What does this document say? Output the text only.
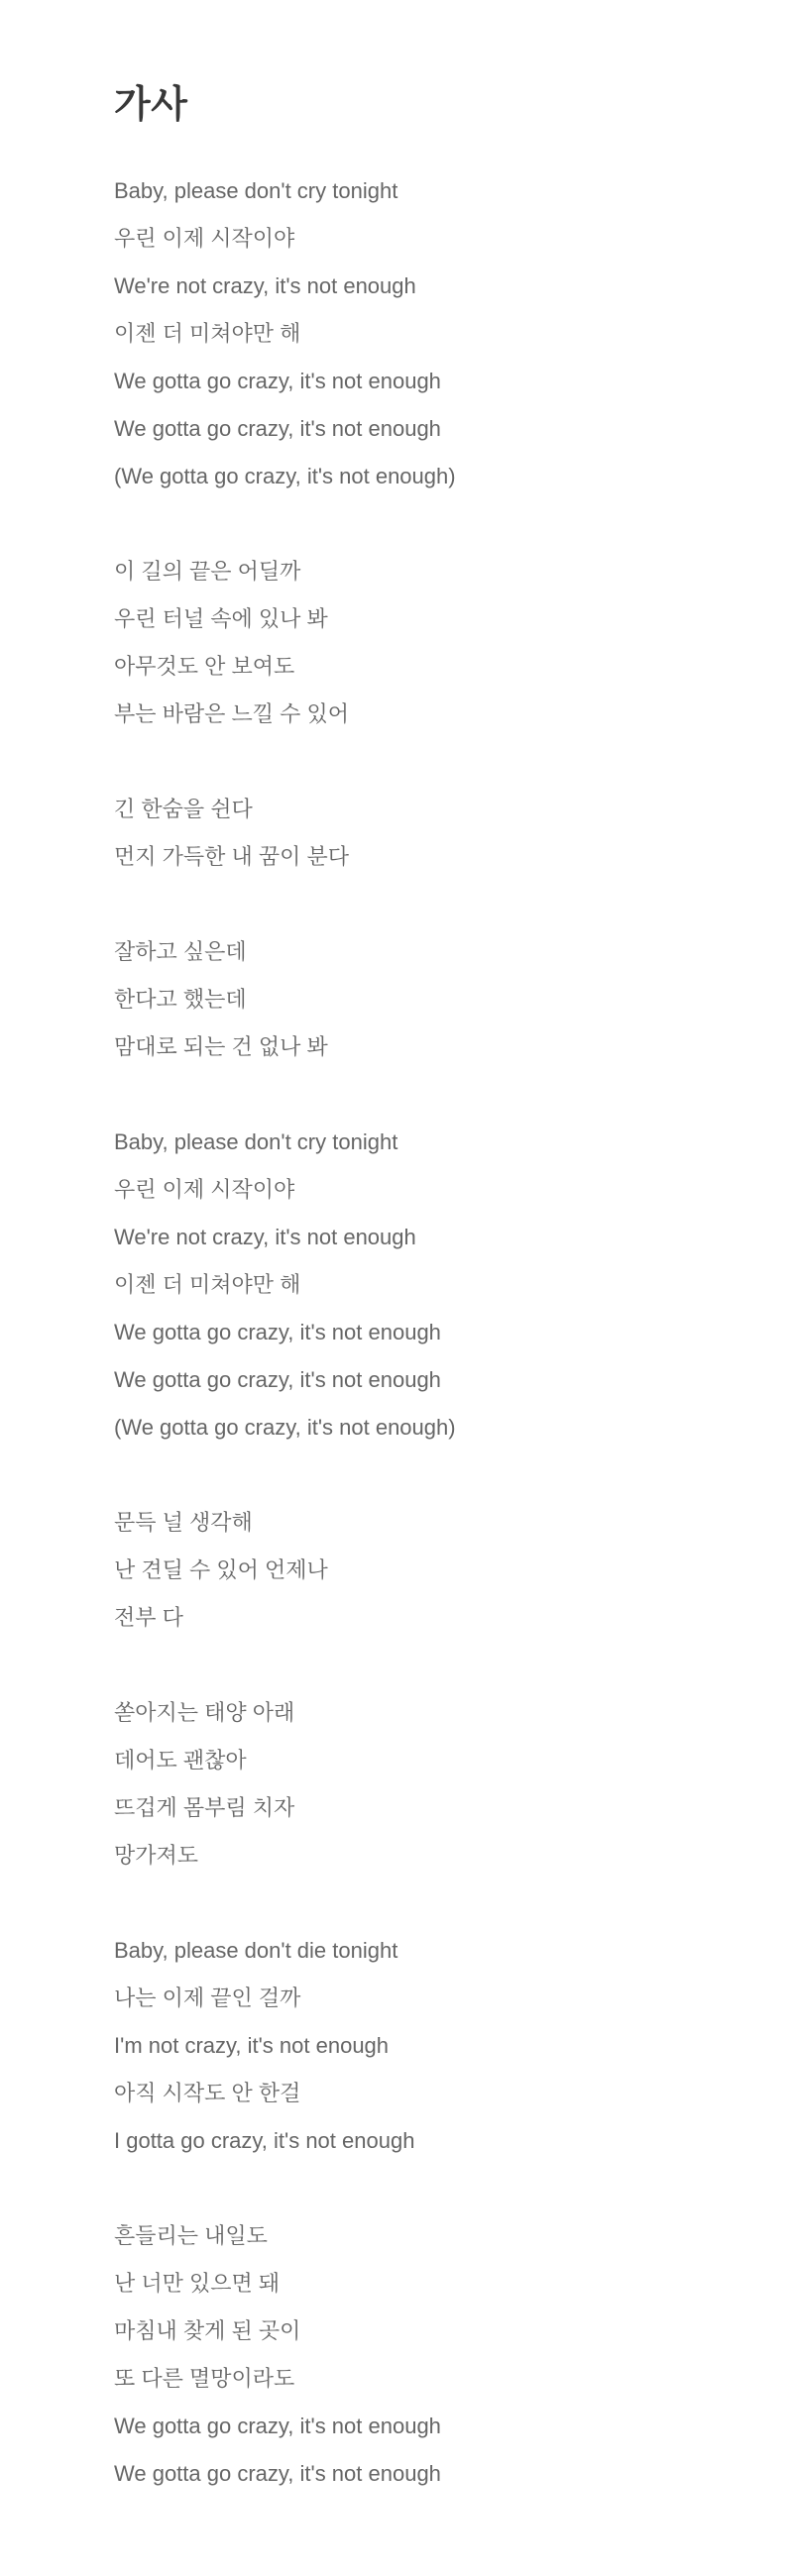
가사

Baby, please don't cry tonight

우린 이제 시작이야

We're not crazy, it's not enough

이젠 더 미쳐야만 해

We gotta go crazy, it's not enough

We gotta go crazy, it's not enough

(We gotta go crazy, it's not enough)

이 길의 끝은 어딜까

우린 터널 속에 있나 봐

아무것도 안 보여도

부는 바람은 느낄 수 있어

긴 한숨을 쉰다

먼지 가득한 내 꿈이 분다

잘하고 싶은데

한다고 했는데

맘대로 되는 건 없나 봐

Baby, please don't cry tonight

우린 이제 시작이야

We're not crazy, it's not enough

이젠 더 미쳐야만 해

We gotta go crazy, it's not enough

We gotta go crazy, it's not enough

(We gotta go crazy, it's not enough)

문득 널 생각해

난 견딜 수 있어 언제나

전부 다

쏟아지는 태양 아래

데어도 괜찮아

뜨겁게 몸부림 치자

망가져도

Baby, please don't die tonight

나는 이제 끝인 걸까

I'm not crazy, it's not enough

아직 시작도 안 한걸

I gotta go crazy, it's not enough

흔들리는 내일도

난 너만 있으면 돼

마침내 찾게 된 곳이

또 다른 멸망이라도

We gotta go crazy, it's not enough

We gotta go crazy, it's not enough
